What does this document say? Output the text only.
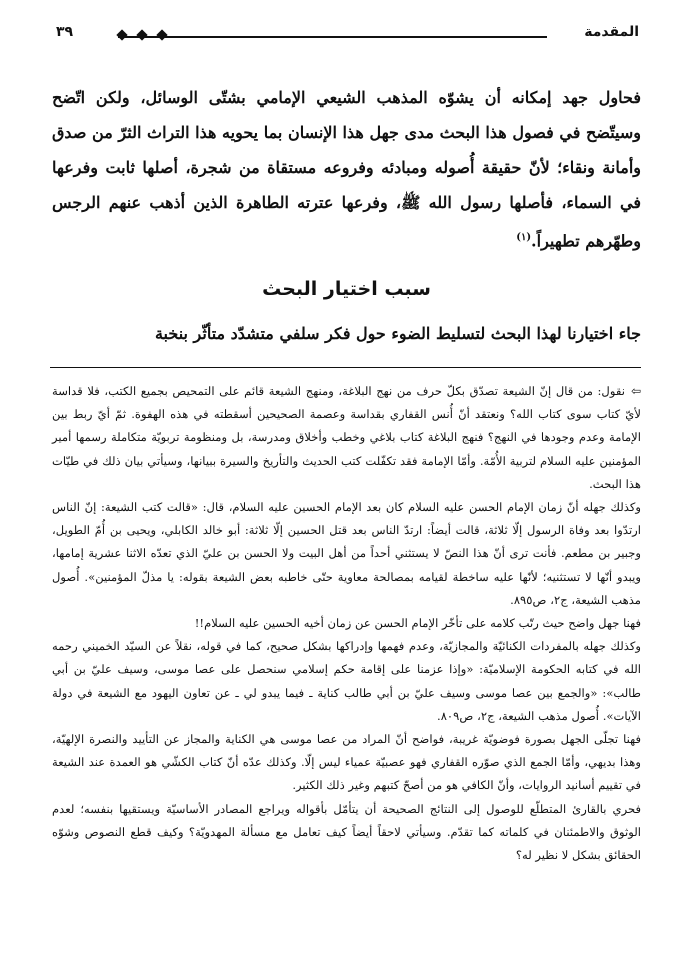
المقدمة
٣٩

فحاول جهد إمكانه أن يشوّه المذهب الشيعي الإمامي بشتّى الوسائل، ولكن اتّضح وسيتّضح في فصول هذا البحث مدى جهل هذا الإنسان بما يحويه هذا التراث الثرّ من صدق وأمانة ونقاء؛ لأنّ حقيقة أُصوله ومبادئه وفروعه مستقاة من شجرة، أصلها ثابت وفرعها في السماء، فأصلها رسول الله ﷺ، وفرعها عترته الطاهرة الذين أذهب عنهم الرجس وطهّرهم تطهيراً.$^{(١)}$

سبب اختيار البحث

جاء اختيارنا لهذا البحث لتسليط الضوء حول فكر سلفي متشدّد متأثّر بنخبة

⇦نقول: من قال إنّ الشيعة تصدّق بكلّ حرف من نهج البلاغة، ومنهج الشيعة قائم على التمحيص بجميع الكتب، فلا قداسة لأيّ كتاب سوى كتاب الله؟ ونعتقد أنّ أُنس القفاري بقداسة وعصمة الصحيحين أسقطته في هذه الهفوة. ثمّ أيّ ربط بين الإمامة وعدم وجودها في النهج؟ فنهج البلاغة كتاب بلاغي وخطب وأخلاق ومدرسة، بل ومنظومة تربويّة متكاملة رسمها أمير المؤمنين عليه السلام لتربية الأُمّة. وأمّا الإمامة فقد تكفّلت كتب الحديث والتأريخ والسيرة ببيانها، وسيأتي بيان ذلك في طيّات هذا البحث.

وكذلك جهله أنّ زمان الإمام الحسن عليه السلام كان بعد الإمام الحسين عليه السلام، قال: «قالت كتب الشيعة: إنّ الناس ارتدّوا بعد وفاة الرسول إلّا ثلاثة، قالت أيضاً: ارتدّ الناس بعد قتل الحسين إلّا ثلاثة: أبو خالد الكابلي، ويحيى بن أُمّ الطويل، وجبير بن مطعم. فأنت ترى أنّ هذا النصّ لا يستثني أحداً من أهل البيت ولا الحسن بن عليّ الذي تعدّه الاثنا عشرية إمامها، ويبدو أنّها لا تستثنيه؛ لأنّها عليه ساخطة لقيامه بمصالحة معاوية حتّى خاطبه بعض الشيعة بقوله: يا مذلّ المؤمنين». أُصول مذهب الشيعة، ج٢، ص٨٩٥.

فهنا جهل واضح حيث رتّب كلامه على تأخّر الإمام الحسن عن زمان أخيه الحسين عليه السلام!!

وكذلك جهله بالمفردات الكنائيّة والمجازيّة، وعدم فهمها وإدراكها بشكل صحيح، كما في قوله، نقلاً عن السيّد الخميني رحمه الله في كتابه الحكومة الإسلاميّة: «وإذا عزمنا على إقامة حكم إسلامي سنحصل على عصا موسى، وسيف عليّ بن أبي طالب»: «والجمع بين عصا موسى وسيف عليّ بن أبي طالب كناية ـ فيما يبدو لي ـ عن تعاون اليهود مع الشيعة في دولة الآيات». أُصول مذهب الشيعة، ج٢، ص٨٠٩.

فهنا تجلّى الجهل بصورة فوضويّة غريبة، فواضح أنّ المراد من عصا موسى هي الكناية والمجاز عن التأييد والنصرة الإلهيّة، وهذا بديهي، وأمّا الجمع الذي صوّره القفاري فهو عصبيّة عمياء ليس إلّا. وكذلك عدّه أنّ كتاب الكشّي هو العمدة عند الشيعة في تقييم أسانيد الروايات، وأنّ الكافي هو من أصحّ كتبهم وغير ذلك الكثير.

فحري بالقارئ المتطلّع للوصول إلى النتائج الصحيحة أن يتأمّل بأقواله ويراجع المصادر الأساسيّة ويستقيها بنفسه؛ لعدم الوثوق والاطمئنان في كلماته كما تقدّم. وسيأتي لاحقاً أيضاً كيف تعامل مع مسألة المهدويّة؟ وكيف قطع النصوص وشوّه الحقائق بشكل لا نظير له؟
